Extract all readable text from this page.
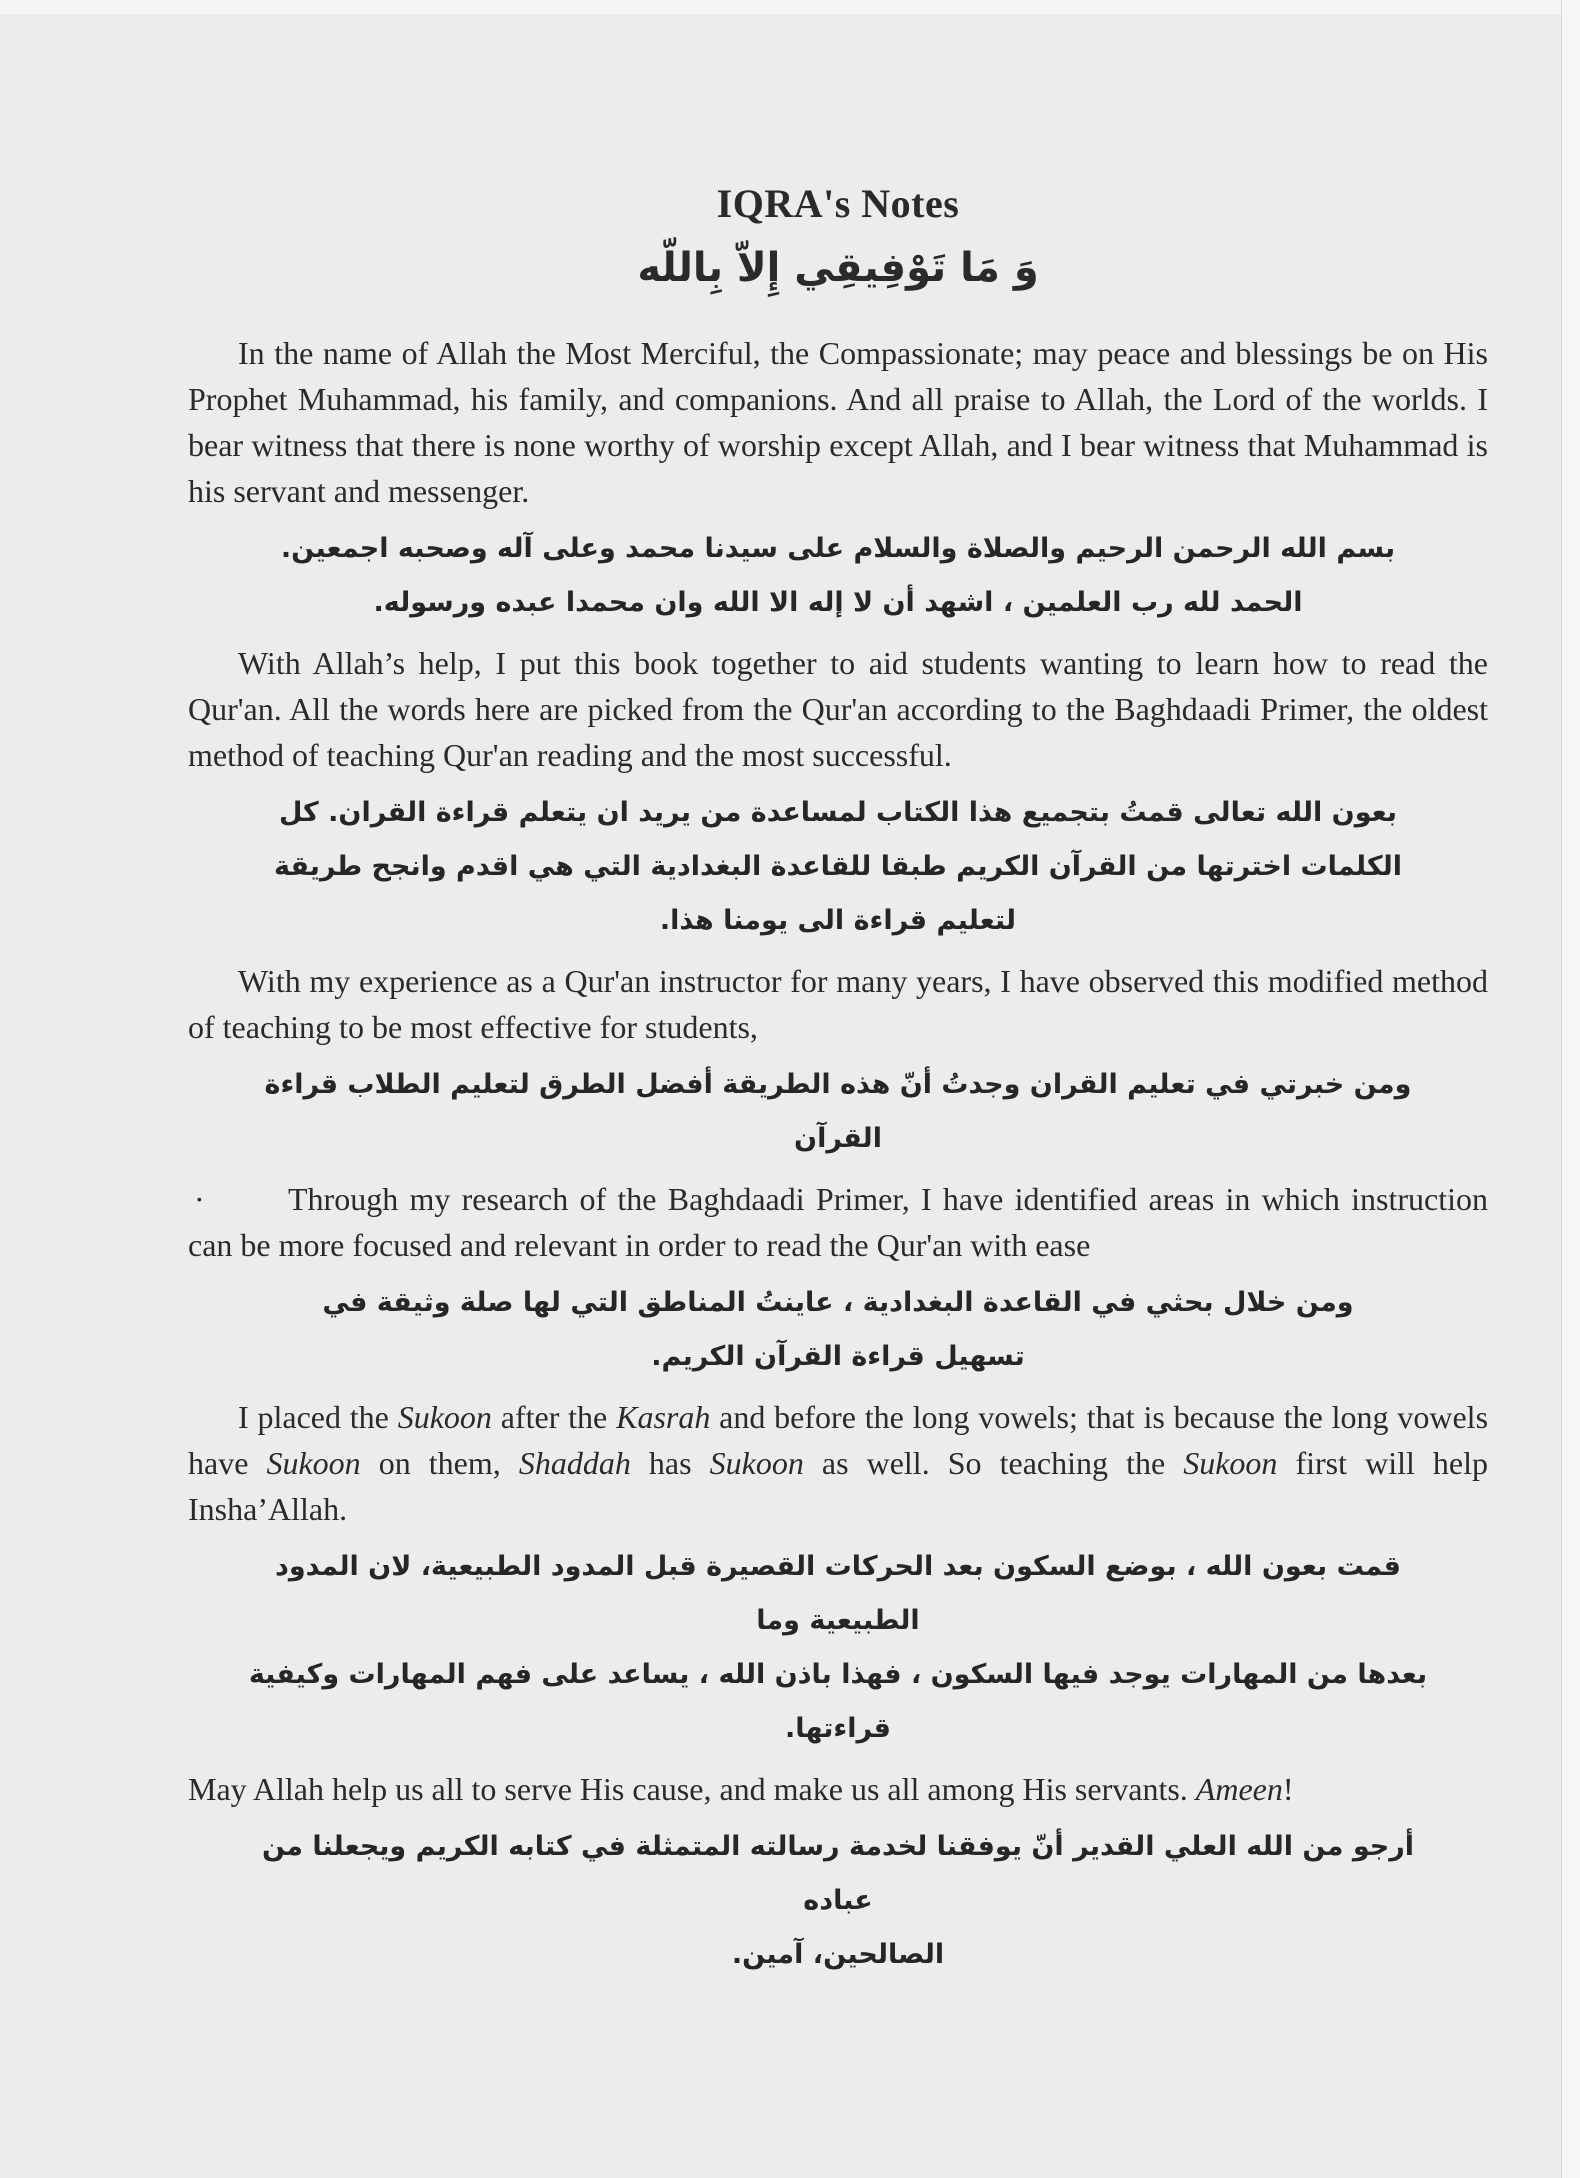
IQRA's Notes
وَ مَا تَوْفِيقِي إِلاّ بِاللّه

In the name of Allah the Most Merciful, the Compassionate; may peace and blessings be on His Prophet Muhammad, his family, and companions. And all praise to Allah, the Lord of the worlds. I bear witness that there is none worthy of worship except Allah, and I bear witness that Muhammad is his servant and messenger.

بسم الله الرحمن الرحيم والصلاة والسلام على سيدنا محمد وعلى آله وصحبه اجمعين.
الحمد لله رب العلمين ، اشهد أن لا إله الا الله وان محمدا عبده ورسوله.

With Allah’s help, I put this book together to aid students wanting to learn how to read the Qur'an. All the words here are picked from the Qur'an according to the Baghdaadi Primer, the oldest method of teaching Qur'an reading and the most successful.

بعون الله تعالى قمتُ بتجميع هذا الكتاب لمساعدة من يريد ان يتعلم قراءة القران. كل
الكلمات اخترتها من القرآن الكريم طبقا للقاعدة البغدادية التي هي اقدم وانجح طريقة
لتعليم قراءة الى يومنا هذا.

With my experience as a Qur'an instructor for many years, I have observed this modified method of teaching to be most effective for students,

ومن خبرتي في تعليم القران وجدتُ أنّ هذه الطريقة أفضل الطرق لتعليم الطلاب قراءة القرآن
·	Through my research of the Baghdaadi Primer, I have identified areas in which instruction can be more focused and relevant in order to read the Qur'an with ease

ومن خلال بحثي في القاعدة البغدادية ، عاينتُ المناطق التي لها صلة وثيقة في
تسهيل قراءة القرآن الكريم.

I placed the Sukoon after the Kasrah and before the long vowels; that is because the long vowels have Sukoon on them, Shaddah has Sukoon as well. So teaching the Sukoon first will help Insha’Allah.

قمت بعون الله ، بوضع السكون بعد الحركات القصيرة قبل المدود الطبيعية، لان المدود الطبيعية وما
بعدها من المهارات يوجد فيها السكون ، فهذا باذن الله ، يساعد على فهم المهارات وكيفية قراءتها.

May Allah help us all to serve His cause, and make us all among His servants. Ameen!

أرجو من الله العلي القدير أنّ يوفقنا لخدمة رسالته المتمثلة في كتابه الكريم ويجعلنا من عباده
الصالحين، آمين.
